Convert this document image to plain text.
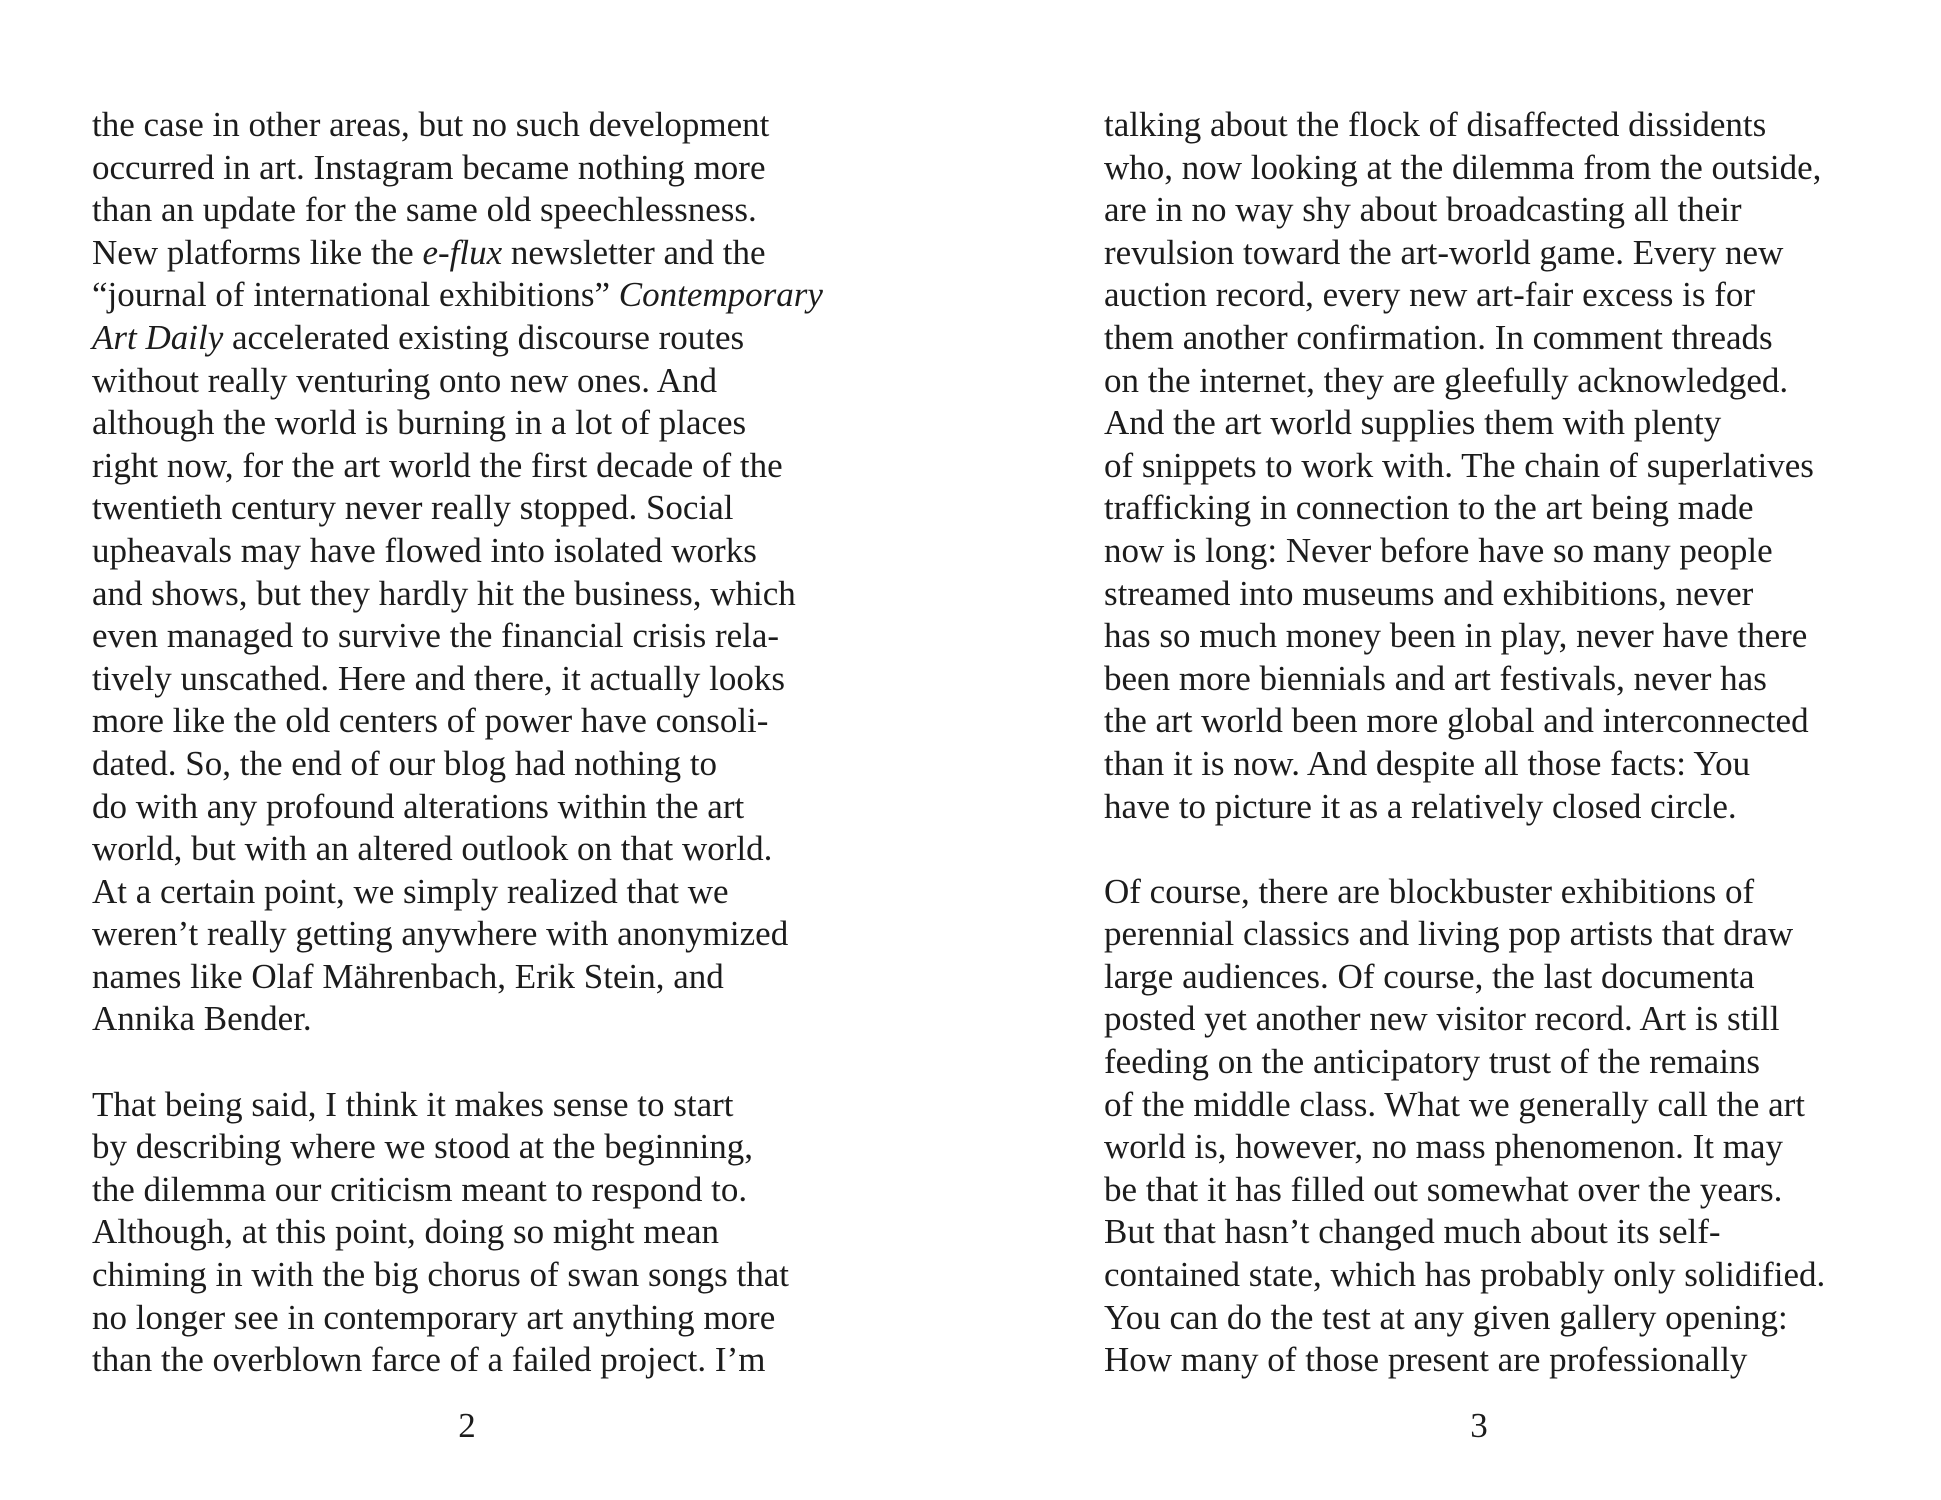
the case in other areas, but no such development
occurred in art. Instagram became nothing more
than an update for the same old speechlessness.
New platforms like the e-flux newsletter and the
“journal of international exhibitions” Contemporary
Art Daily accelerated existing discourse routes
without really venturing onto new ones. And
although the world is burning in a lot of places
right now, for the art world the first decade of the
twentieth century never really stopped. Social
upheavals may have flowed into isolated works
and shows, but they hardly hit the business, which
even managed to survive the financial crisis rela-
tively unscathed. Here and there, it actually looks
more like the old centers of power have consoli-
dated. So, the end of our blog had nothing to
do with any profound alterations within the art
world, but with an altered outlook on that world.
At a certain point, we simply realized that we
weren’t really getting anywhere with anonymized
names like Olaf Mährenbach, Erik Stein, and
Annika Bender.

That being said, I think it makes sense to start
by describing where we stood at the beginning,
the dilemma our criticism meant to respond to.
Although, at this point, doing so might mean
chiming in with the big chorus of swan songs that
no longer see in contemporary art anything more
than the overblown farce of a failed project. I’m

2

talking about the flock of disaffected dissidents
who, now looking at the dilemma from the outside,
are in no way shy about broadcasting all their
revulsion toward the art-world game. Every new
auction record, every new art-fair excess is for
them another confirmation. In comment threads
on the internet, they are gleefully acknowledged.
And the art world supplies them with plenty
of snippets to work with. The chain of superlatives
trafficking in connection to the art being made
now is long: Never before have so many people
streamed into museums and exhibitions, never
has so much money been in play, never have there
been more biennials and art festivals, never has
the art world been more global and interconnected
than it is now. And despite all those facts: You
have to picture it as a relatively closed circle.

Of course, there are blockbuster exhibitions of
perennial classics and living pop artists that draw
large audiences. Of course, the last documenta
posted yet another new visitor record. Art is still
feeding on the anticipatory trust of the remains
of the middle class. What we generally call the art
world is, however, no mass phenomenon. It may
be that it has filled out somewhat over the years.
But that hasn’t changed much about its self-
contained state, which has probably only solidified.
You can do the test at any given gallery opening:
How many of those present are professionally

3
